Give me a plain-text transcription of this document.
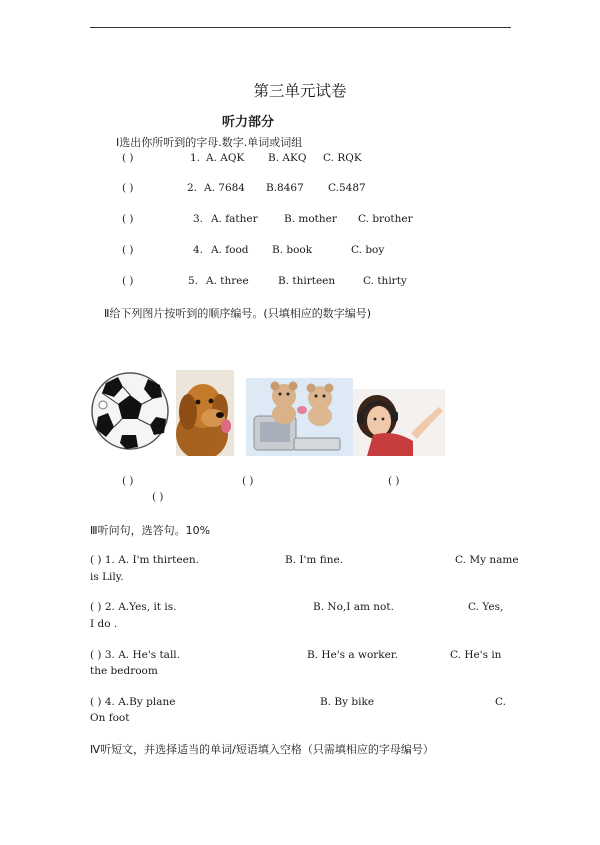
第三单元试卷
听力部分
Ⅰ选出你所听到的字母.数字.单词或词组
( )	1. A. AQK B. AKQ C. RQK
( )	2. A. 7684 B.8467 C.5487
( )	3. A. father	B. mother C. brother
( )	4. A. food B. book	C. boy
( )	5. A. three	B. thirteen	C. thirty
Ⅱ给下列图片按听到的顺序编号。(只填相应的数字编号)
( )	( )	( )
( )
Ⅲ听问句，选答句。10%
( ) 1. A. I'm thirteen.	B. I'm fine.	C. My name
is Lily.
( ) 2. A.Yes, it is.	B. No,I am not.	C. Yes,
I do .
( ) 3. A. He's tall.	B. He's a worker.	C. He's in
the bedroom
( ) 4. A.By plane	B. By bike	C.
On foot
Ⅳ听短文，并选择适当的单词/短语填入空格（只需填相应的字母编号）
